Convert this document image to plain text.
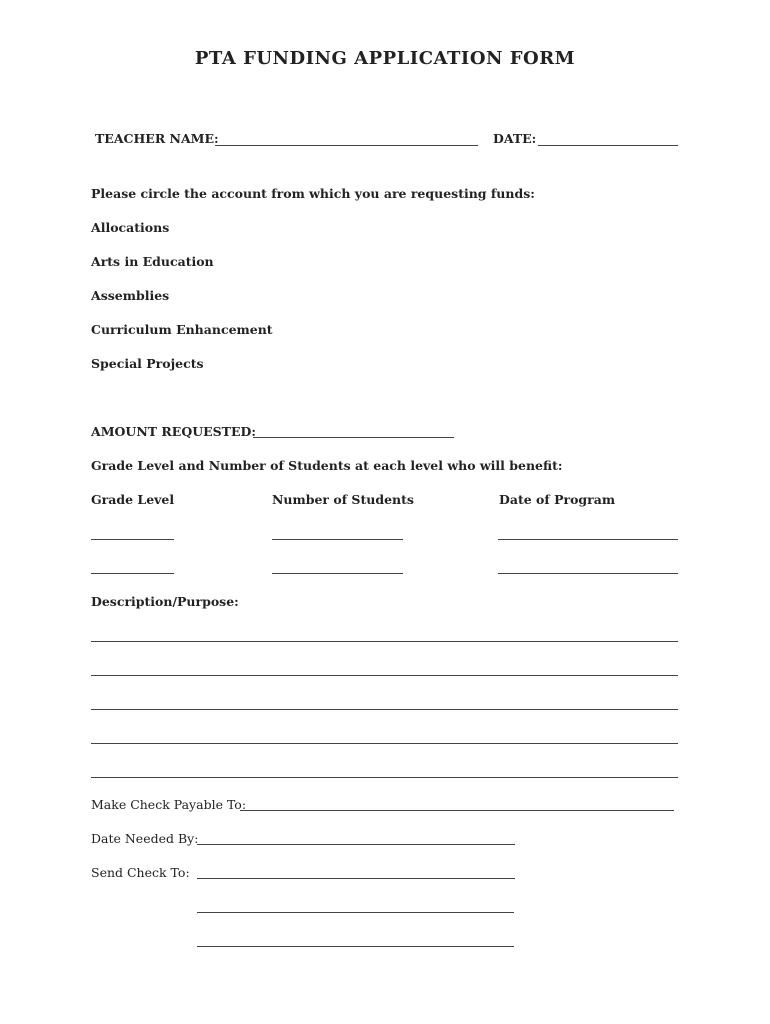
PTA FUNDING APPLICATION FORM
TEACHER NAME:	DATE:
Please circle the account from which you are requesting funds:
Allocations
Arts in Education
Assemblies
Curriculum Enhancement
Special Projects
AMOUNT REQUESTED:
Grade Level and Number of Students at each level who will benefit:
Grade Level	Number of Students	Date of Program
Description/Purpose:
Make Check Payable To:
Date Needed By:
Send Check To:
